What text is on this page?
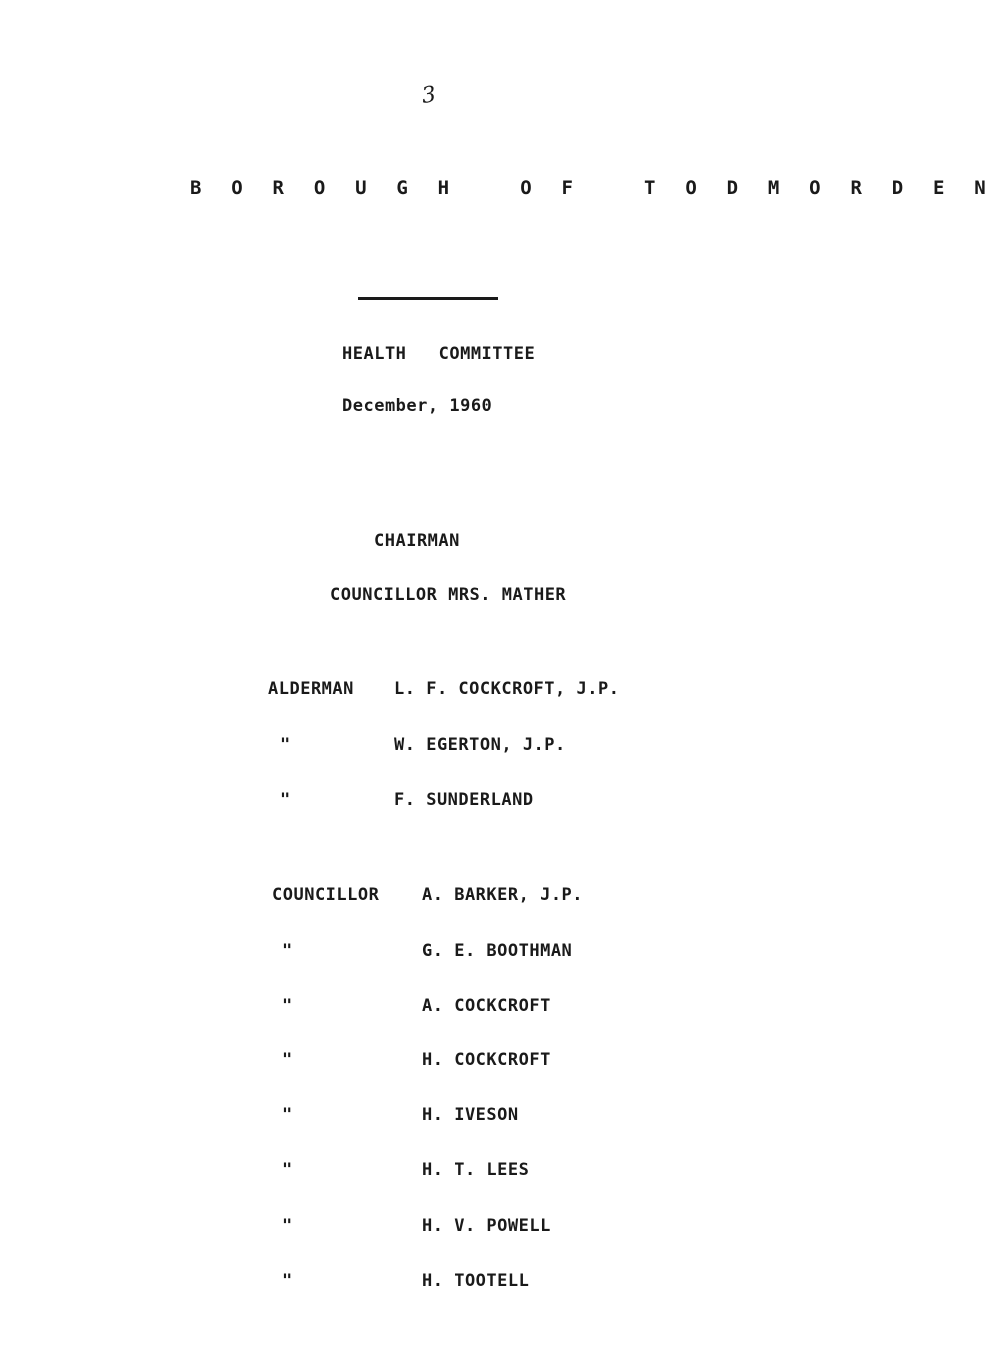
3
B O R O U G H   O F   T O D M O R D E N
HEALTH   COMMITTEE
December, 1960
CHAIRMAN
COUNCILLOR MRS. MATHER
ALDERMAN L. F. COCKCROFT, J.P.
"	W. EGERTON, J.P.
"	F. SUNDERLAND
COUNCILLOR	A. BARKER, J.P.
"	G. E. BOOTHMAN
"	A. COCKCROFT
"	H. COCKCROFT
"	H. IVESON
"	H. T. LEES
"	H. V. POWELL
"	H. TOOTELL
